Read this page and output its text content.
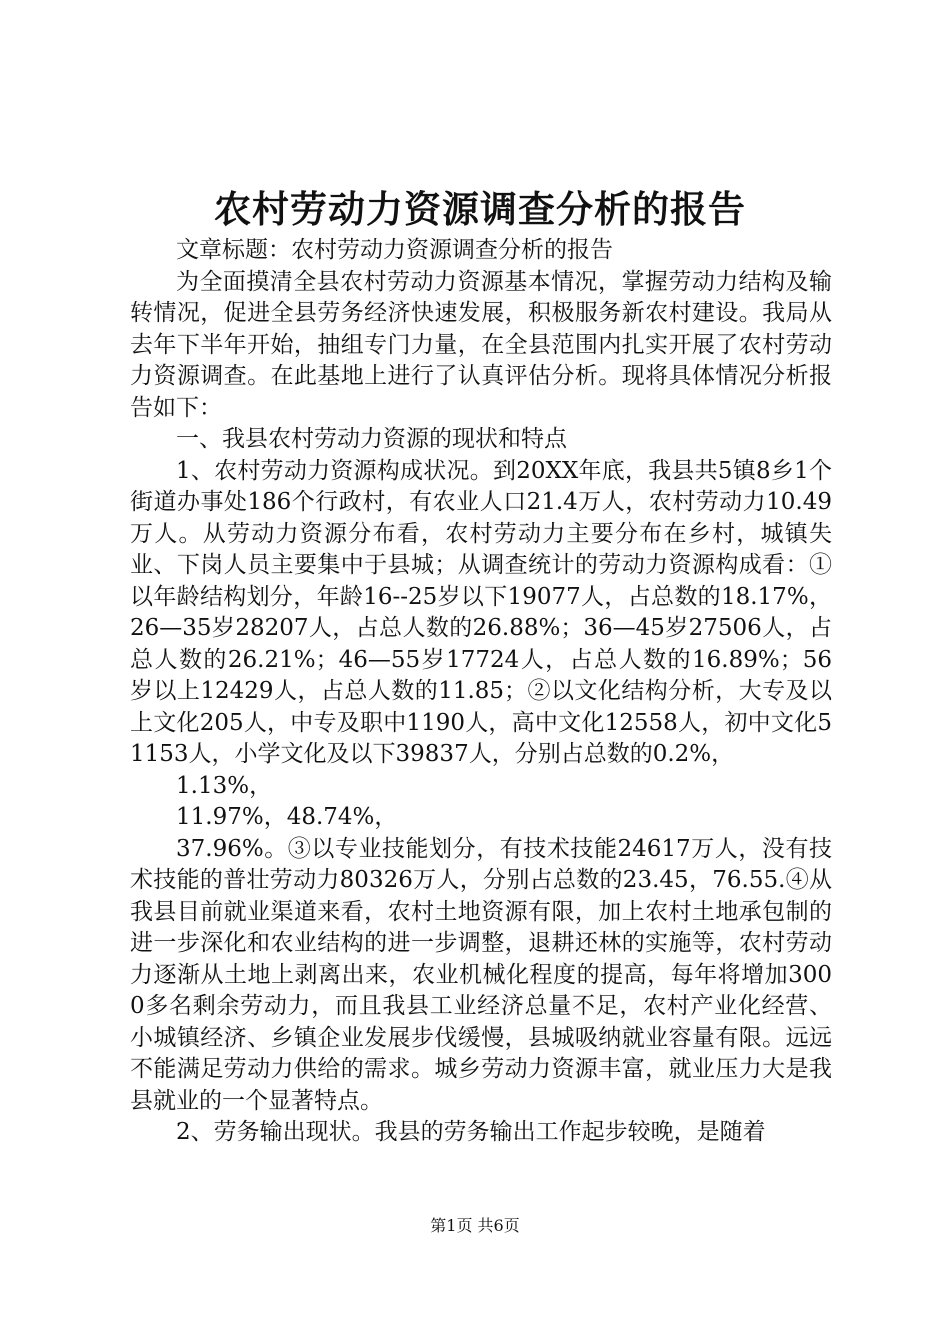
农村劳动力资源调查分析的报告

文章标题：农村劳动力资源调查分析的报告

为全面摸清全县农村劳动力资源基本情况，掌握劳动力结构及输转情况，促进全县劳务经济快速发展，积极服务新农村建设。我局从去年下半年开始，抽组专门力量，在全县范围内扎实开展了农村劳动力资源调查。在此基地上进行了认真评估分析。现将具体情况分析报告如下：

一、我县农村劳动力资源的现状和特点

1、农村劳动力资源构成状况。到20XX年底，我县共5镇8乡1个街道办事处186个行政村，有农业人口21.4万人，农村劳动力10.49万人。从劳动力资源分布看，农村劳动力主要分布在乡村，城镇失业、下岗人员主要集中于县城；从调查统计的劳动力资源构成看：①以年龄结构划分，年龄16--25岁以下19077人，占总数的18.17%，26—35岁28207人，占总人数的26.88%；36—45岁27506人，占总人数的26.21%；46—55岁17724人，占总人数的16.89%；56岁以上12429人，占总人数的11.85；②以文化结构分析，大专及以上文化205人，中专及职中1190人，高中文化12558人，初中文化51153人，小学文化及以下39837人，分别占总数的0.2%，

1.13%，

11.97%，48.74%，

37.96%。③以专业技能划分，有技术技能24617万人，没有技术技能的普壮劳动力80326万人，分别占总数的23.45，76.55.④从我县目前就业渠道来看，农村土地资源有限，加上农村土地承包制的进一步深化和农业结构的进一步调整，退耕还林的实施等，农村劳动力逐渐从土地上剥离出来，农业机械化程度的提高，每年将增加3000多名剩余劳动力，而且我县工业经济总量不足，农村产业化经营、小城镇经济、乡镇企业发展步伐缓慢，县城吸纳就业容量有限。远远不能满足劳动力供给的需求。城乡劳动力资源丰富，就业压力大是我县就业的一个显著特点。

2、劳务输出现状。我县的劳务输出工作起步较晚，是随着

第1页 共6页
